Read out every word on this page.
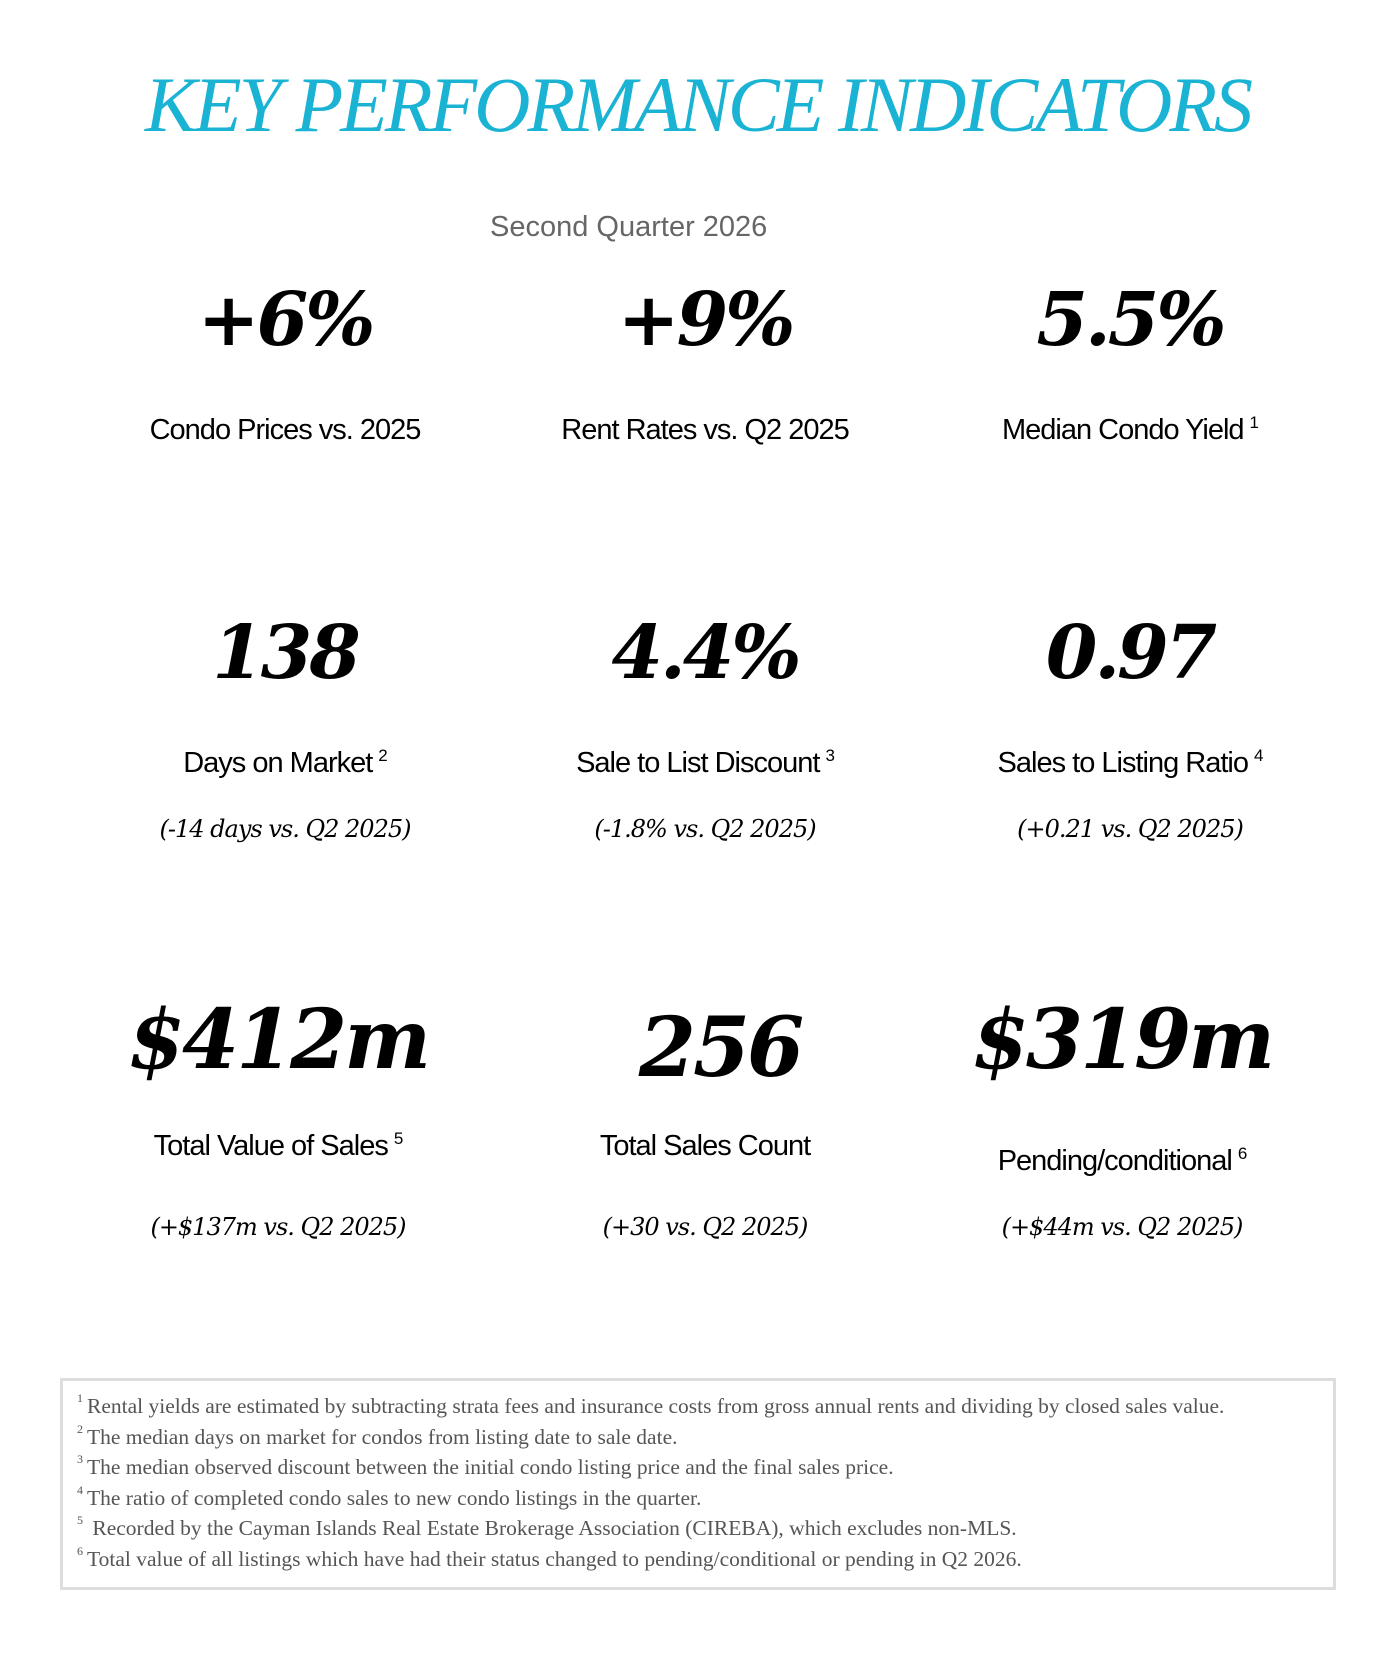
KEY PERFORMANCE INDICATORS
Second Quarter 2026
+6%
Condo Prices vs. 2025
+9%
Rent Rates vs. Q2 2025
5.5%
Median Condo Yield $^1$
138
Days on Market $^2$
(-14 days vs. Q2 2025)
4.4%
Sale to List Discount $^3$
(-1.8% vs. Q2 2025)
0.97
Sales to Listing Ratio $^4$
(+0.21 vs. Q2 2025)
$412m
Total Value of Sales $^5$
(+$137m vs. Q2 2025)
256
Total Sales Count
(+30 vs. Q2 2025)
$319m
Pending/conditional $^6$
(+$44m vs. Q2 2025)
$^1$ Rental yields are estimated by subtracting strata fees and insurance costs from gross annual rents and dividing by closed sales value.
$^2$ The median days on market for condos from listing date to sale date.
$^3$ The median observed discount between the initial condo listing price and the final sales price.
$^4$ The ratio of completed condo sales to new condo listings in the quarter.
$^5$ Recorded by the Cayman Islands Real Estate Brokerage Association (CIREBA), which excludes non-MLS.
$^6$ Total value of all listings which have had their status changed to pending/conditional or pending in Q2 2026.
